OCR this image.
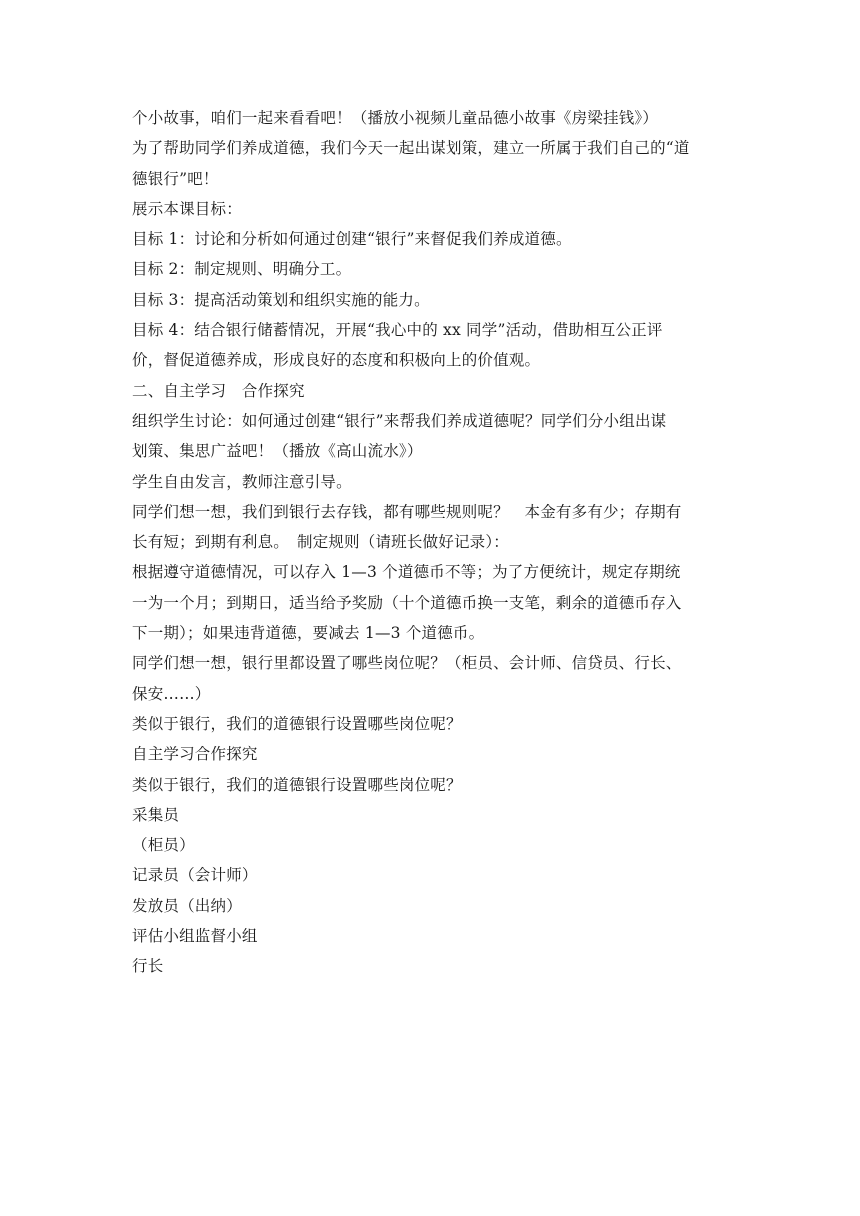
个小故事，咱们一起来看看吧！（播放小视频儿童品德小故事《房梁挂钱》）
为了帮助同学们养成道德，我们今天一起出谋划策，建立一所属于我们自己的“道
德银行”吧！
展示本课目标：
目标 1：讨论和分析如何通过创建“银行”来督促我们养成道德。
目标 2：制定规则、明确分工。
目标 3：提高活动策划和组织实施的能力。
目标 4：结合银行储蓄情况，开展“我心中的 xx 同学”活动，借助相互公正评
价，督促道德养成，形成良好的态度和积极向上的价值观。
二、自主学习　合作探究
组织学生讨论：如何通过创建“银行”来帮我们养成道德呢？同学们分小组出谋
划策、集思广益吧！（播放《高山流水》）
学生自由发言，教师注意引导。
同学们想一想，我们到银行去存钱，都有哪些规则呢？　本金有多有少；存期有
长有短；到期有利息。　制定规则（请班长做好记录）：
根据遵守道德情况，可以存入 1—3 个道德币不等；为了方便统计，规定存期统
一为一个月；到期日，适当给予奖励（十个道德币换一支笔，剩余的道德币存入
下一期）；如果违背道德，要减去 1—3 个道德币。
同学们想一想，银行里都设置了哪些岗位呢？（柜员、会计师、信贷员、行长、
保安……）
类似于银行，我们的道德银行设置哪些岗位呢？
自主学习合作探究
类似于银行，我们的道德银行设置哪些岗位呢？
采集员
（柜员）
记录员（会计师）
发放员（出纳）
评估小组监督小组
行长
